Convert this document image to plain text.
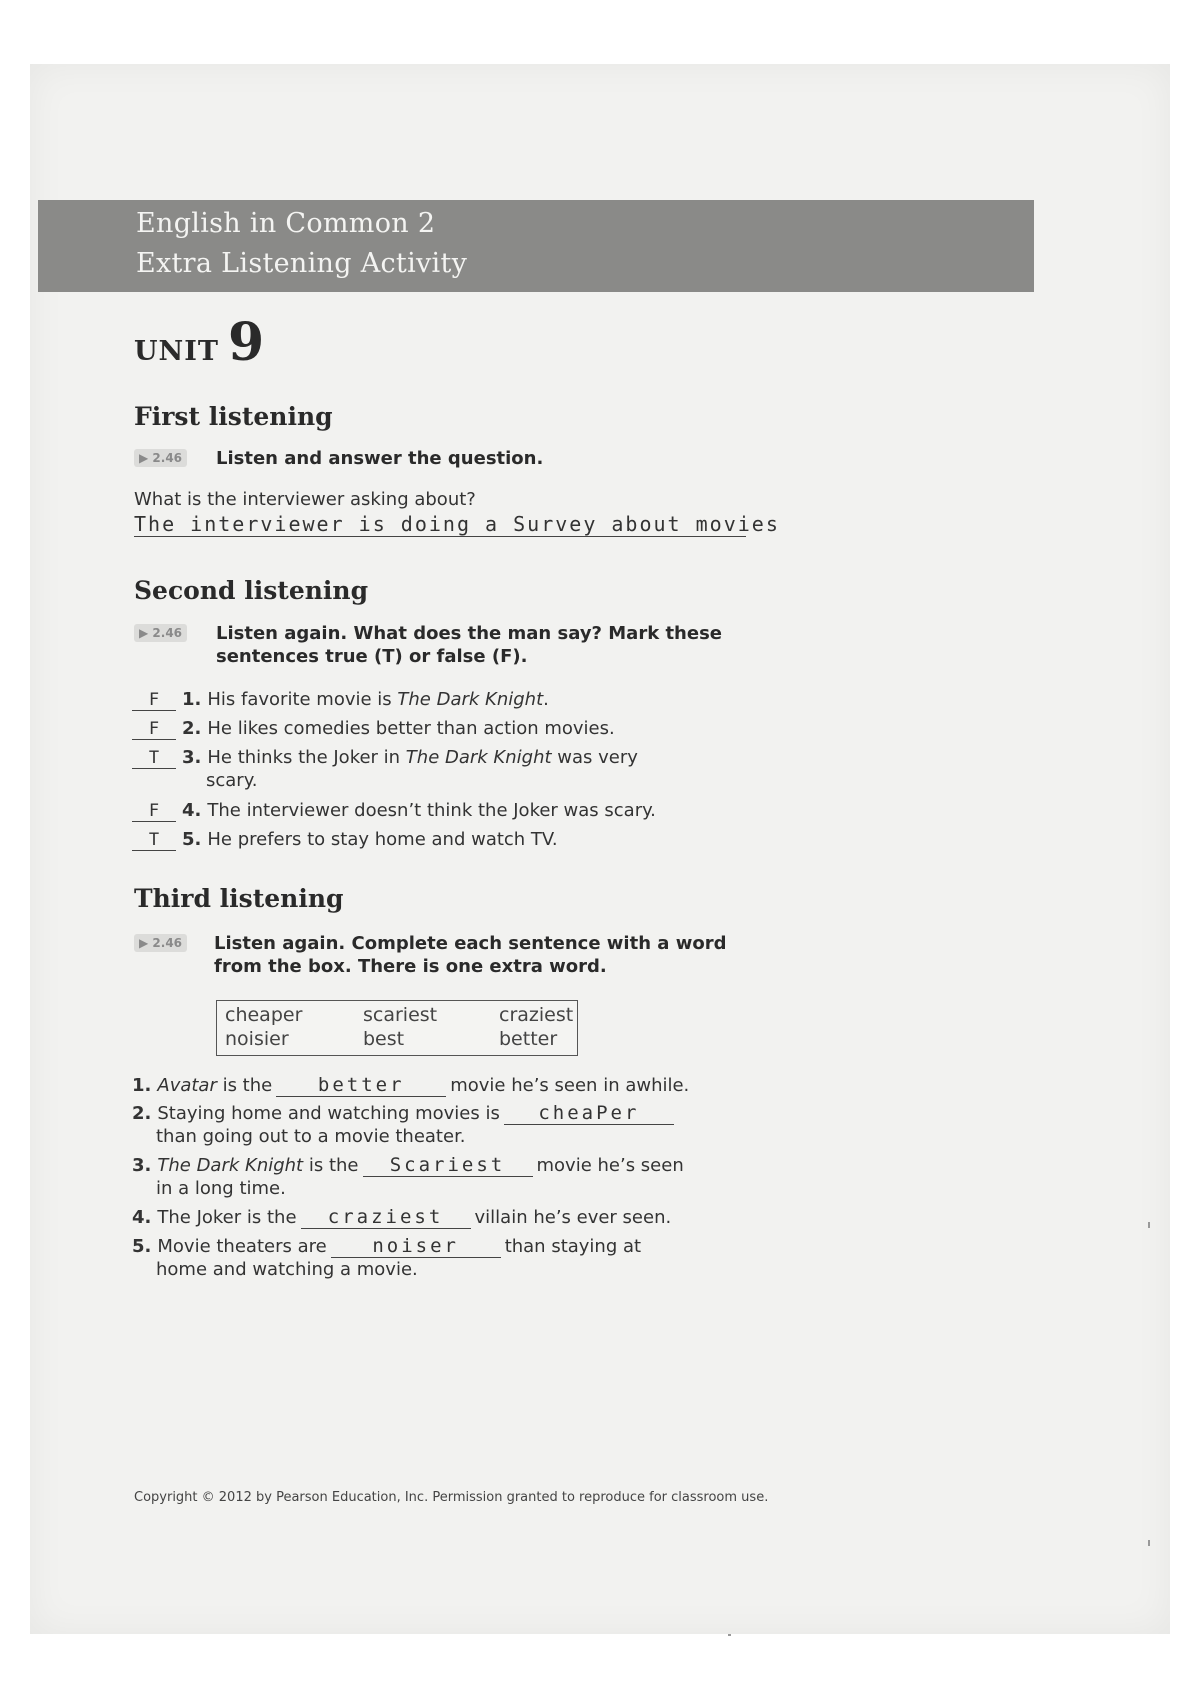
English in Common 2
Extra Listening Activity
UNIT 9
First listening
▶ 2.46 Listen and answer the question.
What is the interviewer asking about?
The interviewer is doing a Survey about movies
Second listening
▶ 2.46 Listen again. What does the man say? Mark these
sentences true (T) or false (F).
F 1. His favorite movie is The Dark Knight.
F 2. He likes comedies better than action movies.
T 3. He thinks the Joker in The Dark Knight was very
scary.
F 4. The interviewer doesn’t think the Joker was scary.
T 5. He prefers to stay home and watch TV.
Third listening
▶ 2.46 Listen again. Complete each sentence with a word
from the box. There is one extra word.
cheaper	scariest	craziest
noisier	best	better
1. Avatar is the better	movie he’s seen in awhile.
2. Staying home and watching movies is cheaPer
than going out to a movie theater.
3. The Dark Knight is the Scariest movie he’s seen
in a long time.
4. The Joker is the craziest villain he’s ever seen.
5. Movie theaters are noiser	than staying at
home and watching a movie.
Copyright © 2012 by Pearson Education, Inc. Permission granted to reproduce for classroom use.
